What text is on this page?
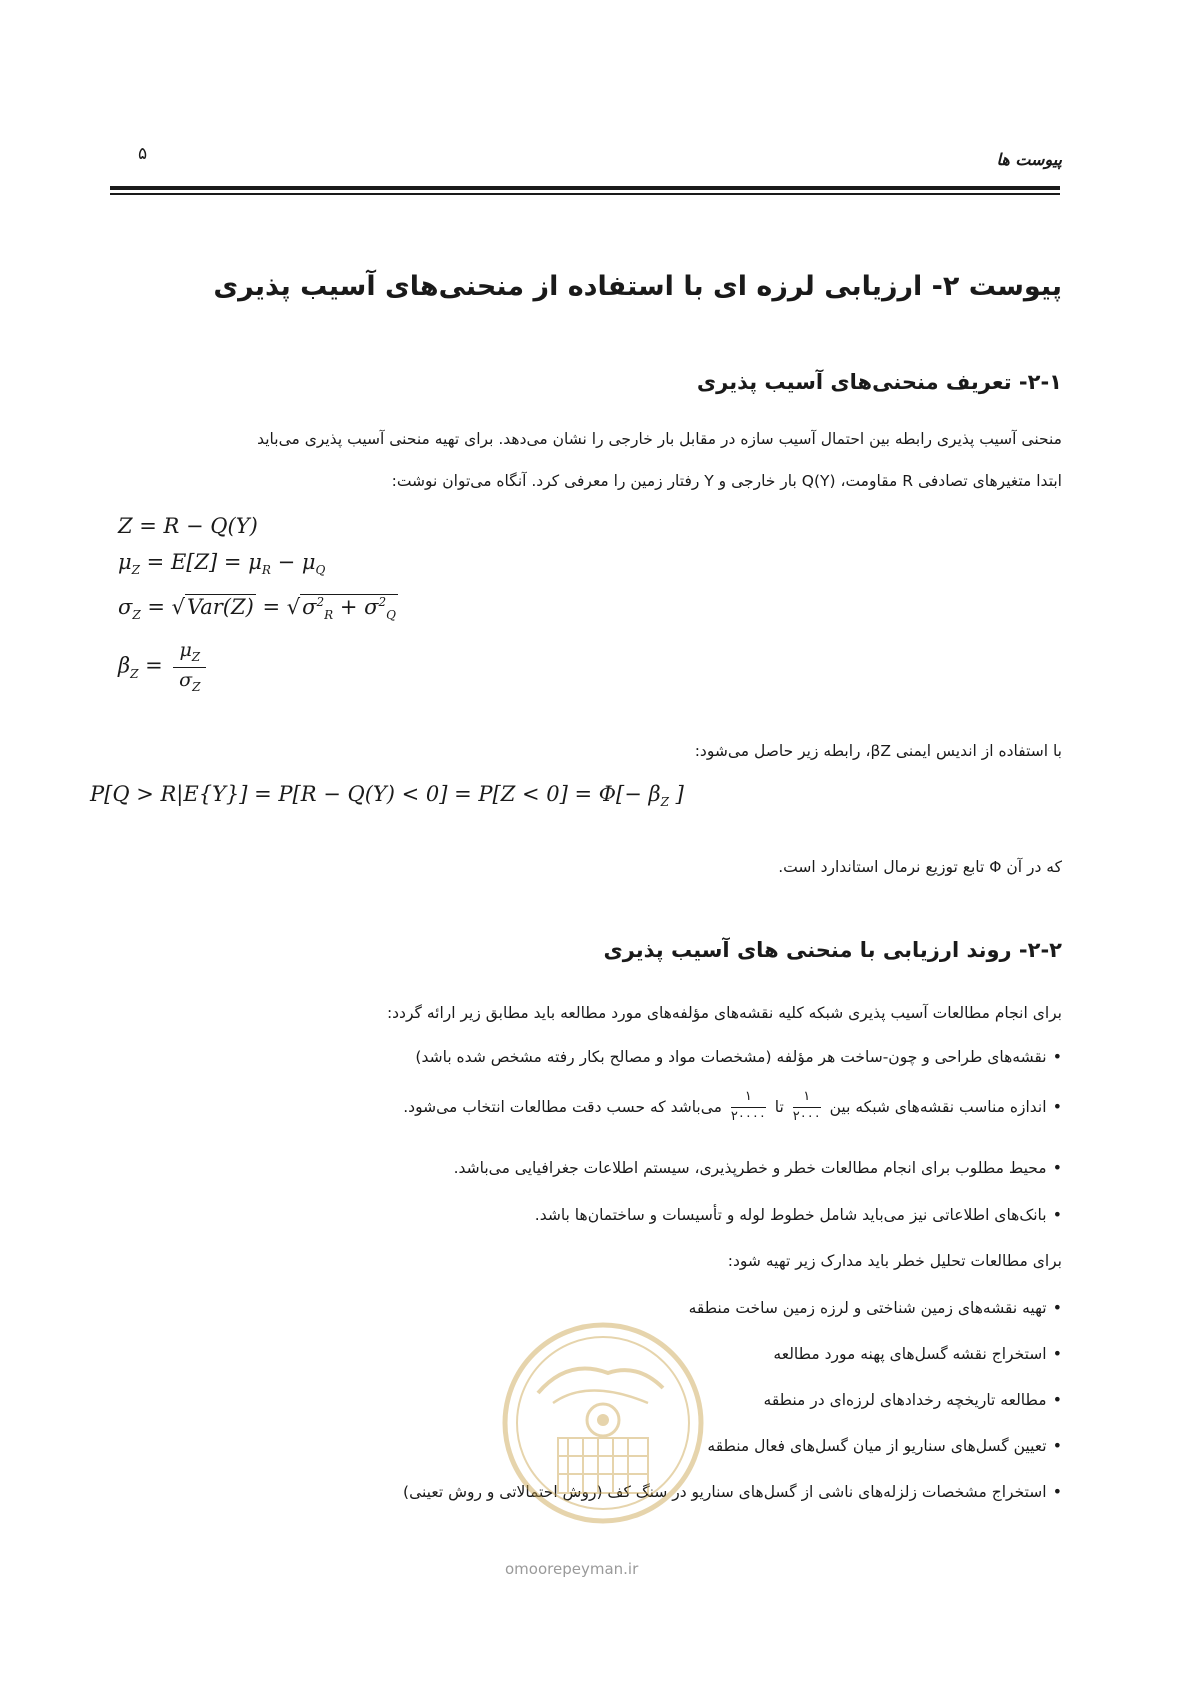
پیوست ها
۵
پیوست ۲- ارزیابی لرزه ای با استفاده از منحنی‌های آسیب پذیری
۲-۱- تعریف منحنی‌های آسیب پذیری
منحنی آسیب پذیری رابطه بین احتمال آسیب سازه در مقابل بار خارجی را نشان می‌دهد. برای تهیه منحنی آسیب پذیری می‌باید
ابتدا متغیرهای تصادفی R مقاومت، Q(Y) بار خارجی و Y رفتار زمین را معرفی کرد. آنگاه می‌توان نوشت:
Z = R − Q(Y)
$\mu_Z = E[Z] = \mu_R - \mu_Q$
$\sigma_Z = √Var(Z) = √\sigma^2_R + \sigma^2_Q$
$\beta_Z = \frac{\mu_Z}{\sigma_Z}$
با استفاده از اندیس ایمنی βZ، رابطه زیر حاصل می‌شود:
$P[Q > R|E\{Y\}] = P[R - Q(Y) < 0] = P[Z < 0] = \Phi[- \beta_Z$ ]
که در آن Φ تابع توزیع نرمال استاندارد است.
۲-۲- روند ارزیابی با منحنی های آسیب پذیری
برای انجام مطالعات آسیب پذیری شبکه کلیه نقشه‌های مؤلفه‌های مورد مطالعه باید مطابق زیر ارائه گردد:
•نقشه‌های طراحی و چون-ساخت هر مؤلفه (مشخصات مواد و مصالح بکار رفته مشخص شده باشد)
•اندازه مناسب نقشه‌های شبکه بین
$\frac{۱}{۲۰۰۰}$
تا
$\frac{۱}{۲۰۰۰۰}$
می‌باشد که حسب دقت مطالعات انتخاب می‌شود.
•محیط مطلوب برای انجام مطالعات خطر و خطرپذیری، سیستم اطلاعات جغرافیایی می‌باشد.
•بانک‌های اطلاعاتی نیز می‌باید شامل خطوط لوله و تأسیسات و ساختمان‌ها باشد.
برای مطالعات تحلیل خطر باید مدارک زیر تهیه شود:
•تهیه نقشه‌های زمین شناختی و لرزه زمین ساخت منطقه
•استخراج نقشه گسل‌های پهنه مورد مطالعه
•مطالعه تاریخچه رخدادهای لرزه‌ای در منطقه
•تعیین گسل‌های سناریو از میان گسل‌های فعال منطقه
•استخراج مشخصات زلزله‌های ناشی از گسل‌های سناریو در سنگ کف (روش احتمالاتی و روش تعینی)
omoorepeyman.ir
